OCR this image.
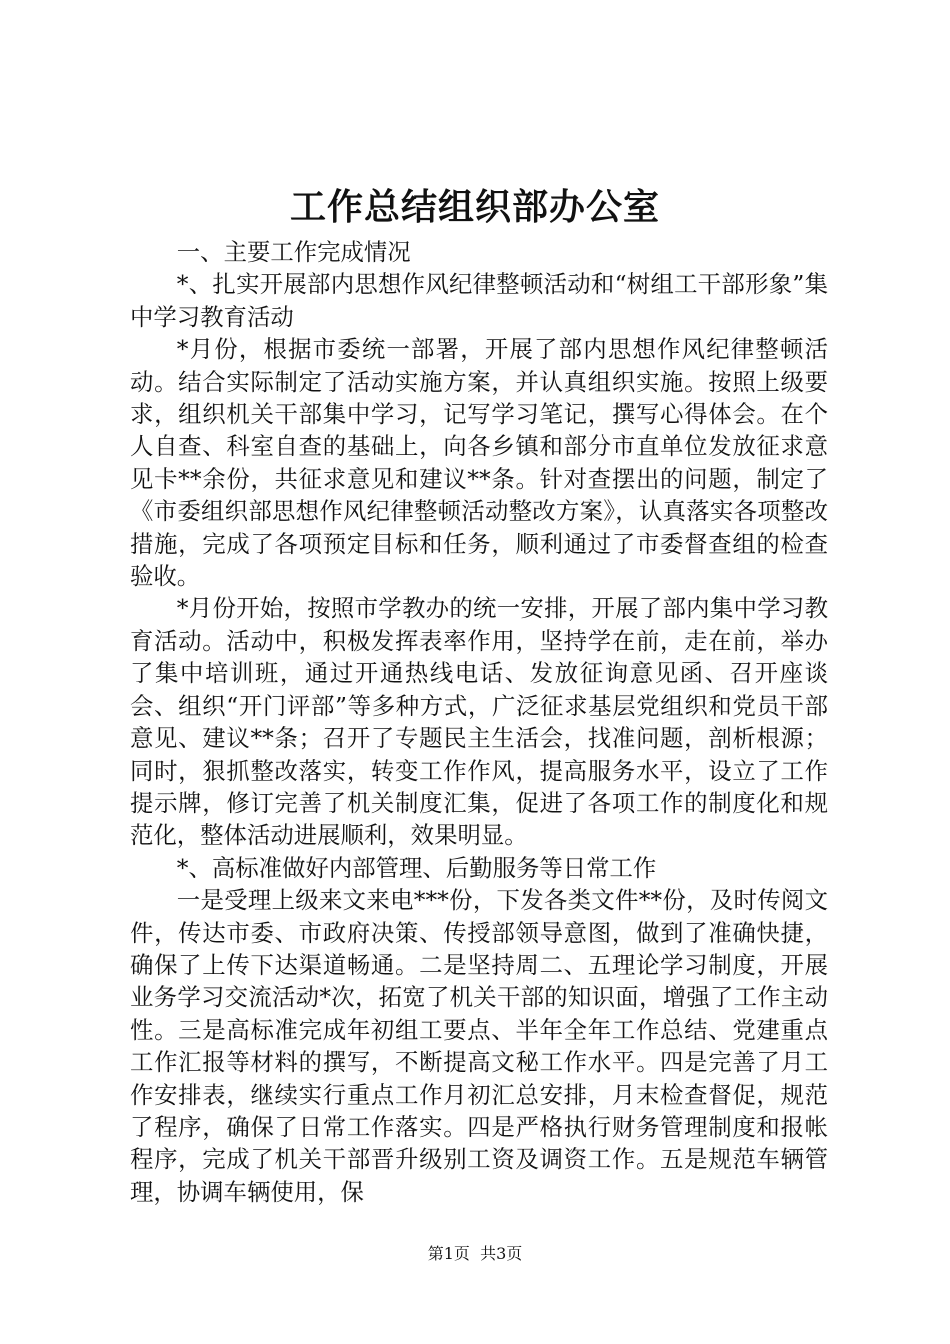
工作总结组织部办公室

一、主要工作完成情况

*、扎实开展部内思想作风纪律整顿活动和“树组工干部形象”集中学习教育活动

*月份，根据市委统一部署，开展了部内思想作风纪律整顿活动。结合实际制定了活动实施方案，并认真组织实施。按照上级要求，组织机关干部集中学习，记写学习笔记，撰写心得体会。在个人自查、科室自查的基础上，向各乡镇和部分市直单位发放征求意见卡**余份，共征求意见和建议**条。针对查摆出的问题，制定了《市委组织部思想作风纪律整顿活动整改方案》，认真落实各项整改措施，完成了各项预定目标和任务，顺利通过了市委督查组的检查验收。

*月份开始，按照市学教办的统一安排，开展了部内集中学习教育活动。活动中，积极发挥表率作用，坚持学在前，走在前，举办了集中培训班，通过开通热线电话、发放征询意见函、召开座谈会、组织“开门评部”等多种方式，广泛征求基层党组织和党员干部意见、建议**条；召开了专题民主生活会，找准问题，剖析根源；同时，狠抓整改落实，转变工作作风，提高服务水平，设立了工作提示牌，修订完善了机关制度汇集，促进了各项工作的制度化和规范化，整体活动进展顺利，效果明显。

*、高标准做好内部管理、后勤服务等日常工作

一是受理上级来文来电***份，下发各类文件**份，及时传阅文件，传达市委、市政府决策、传授部领导意图，做到了准确快捷，确保了上传下达渠道畅通。二是坚持周二、五理论学习制度，开展业务学习交流活动*次，拓宽了机关干部的知识面，增强了工作主动性。三是高标准完成年初组工要点、半年全年工作总结、党建重点工作汇报等材料的撰写，不断提高文秘工作水平。四是完善了月工作安排表，继续实行重点工作月初汇总安排，月末检查督促，规范了程序，确保了日常工作落实。四是严格执行财务管理制度和报帐程序，完成了机关干部晋升级别工资及调资工作。五是规范车辆管理，协调车辆使用，保

第1页 共3页
